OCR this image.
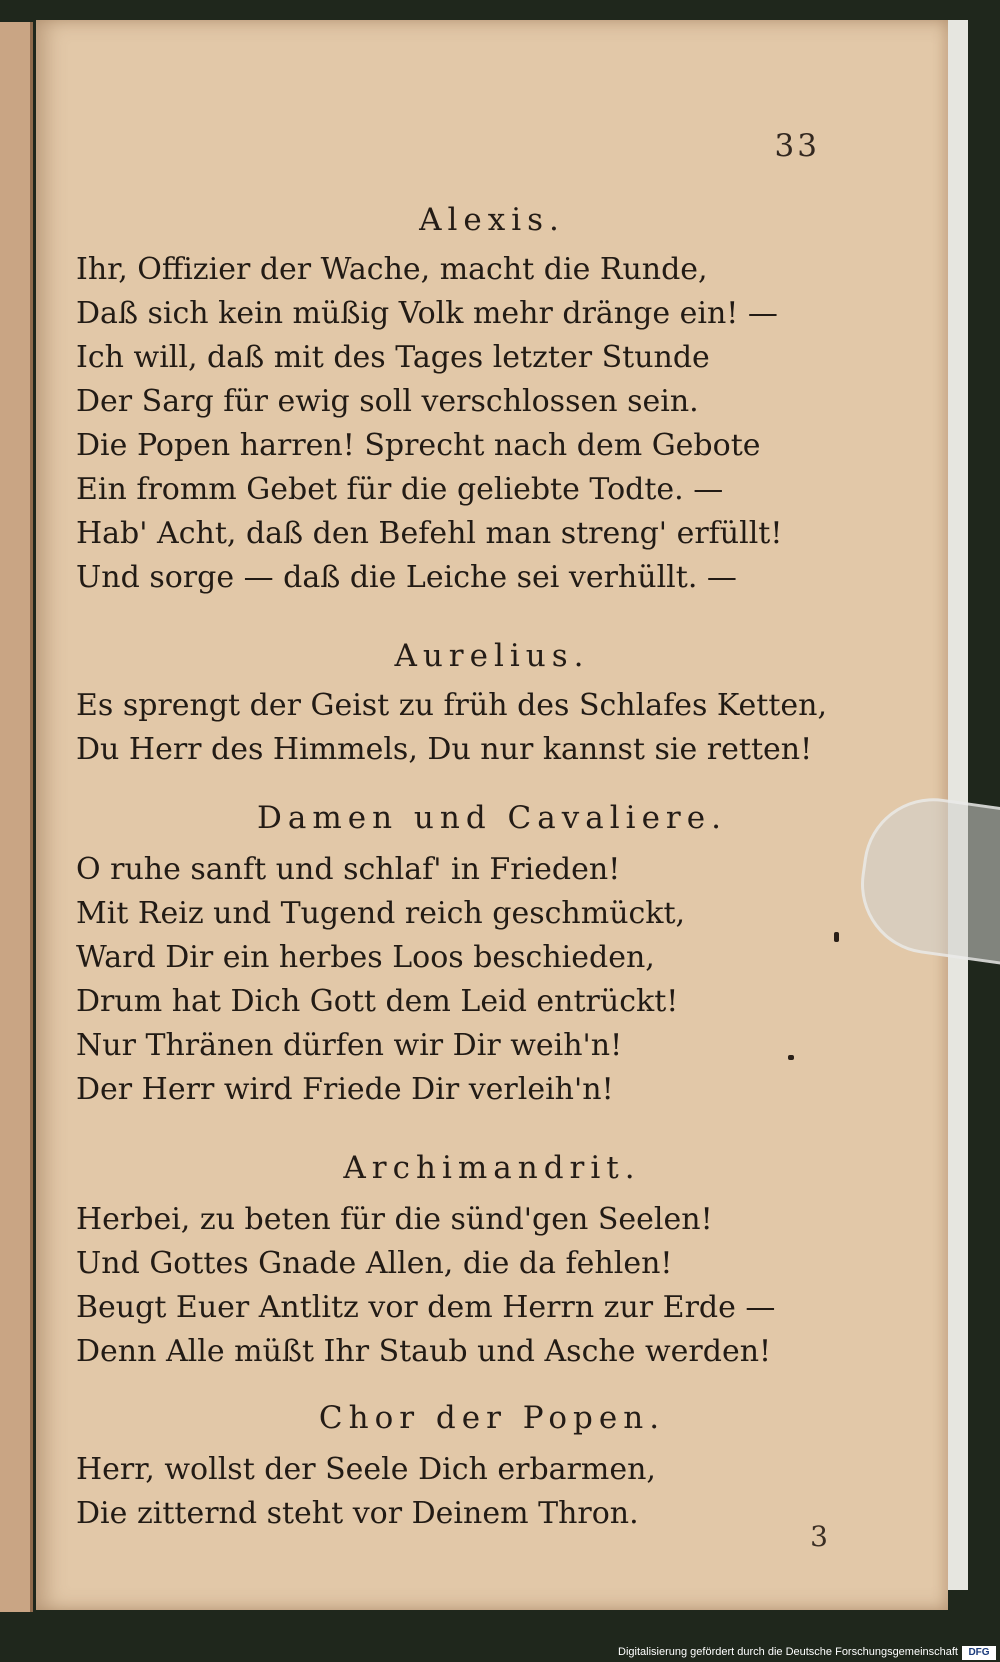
33
Alexis.
Ihr, Offizier der Wache, macht die Runde,
Daß sich kein müßig Volk mehr dränge ein! —
Ich will, daß mit des Tages letzter Stunde
Der Sarg für ewig soll verschlossen sein.
Die Popen harren! Sprecht nach dem Gebote
Ein fromm Gebet für die geliebte Todte. —
Hab' Acht, daß den Befehl man streng' erfüllt!
Und sorge — daß die Leiche sei verhüllt. —
Aurelius.
Es sprengt der Geist zu früh des Schlafes Ketten,
Du Herr des Himmels, Du nur kannst sie retten!
Damen und Cavaliere.
O ruhe sanft und schlaf' in Frieden!
Mit Reiz und Tugend reich geschmückt,
Ward Dir ein herbes Loos beschieden,
Drum hat Dich Gott dem Leid entrückt!
Nur Thränen dürfen wir Dir weih'n!
Der Herr wird Friede Dir verleih'n!
Archimandrit.
Herbei, zu beten für die sünd'gen Seelen!
Und Gottes Gnade Allen, die da fehlen!
Beugt Euer Antlitz vor dem Herrn zur Erde —
Denn Alle müßt Ihr Staub und Asche werden!
Chor der Popen.
Herr, wollst der Seele Dich erbarmen,
Die zitternd steht vor Deinem Thron.
3
Digitalisierung gefördert durch die Deutsche Forschungsgemeinschaft	DFG
